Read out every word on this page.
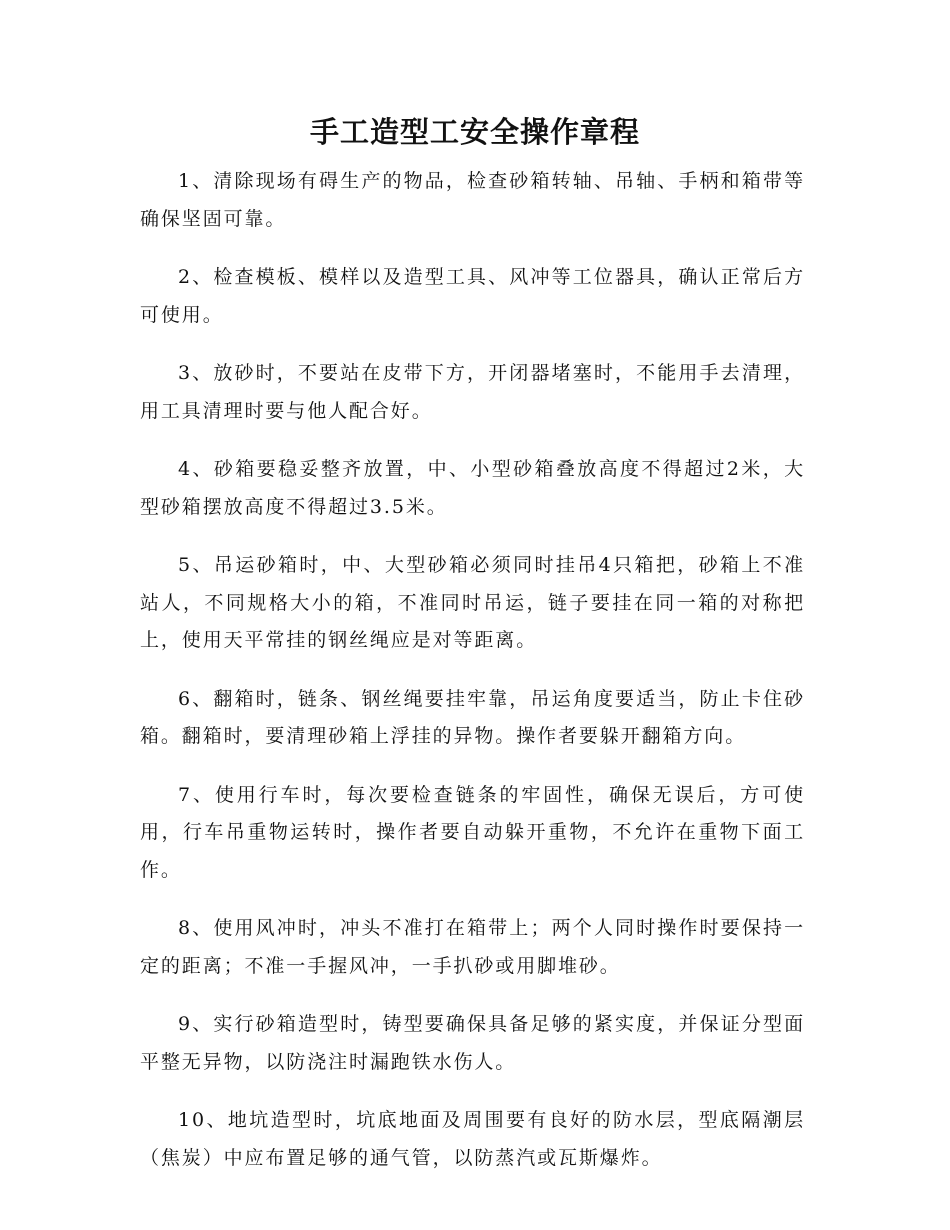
手工造型工安全操作章程

1、清除现场有碍生产的物品，检查砂箱转轴、吊轴、手柄和箱带等确保坚固可靠。

2、检查模板、模样以及造型工具、风冲等工位器具，确认正常后方可使用。

3、放砂时，不要站在皮带下方，开闭器堵塞时，不能用手去清理，用工具清理时要与他人配合好。

4、砂箱要稳妥整齐放置，中、小型砂箱叠放高度不得超过2米，大型砂箱摆放高度不得超过3.5米。

5、吊运砂箱时，中、大型砂箱必须同时挂吊4只箱把，砂箱上不准站人，不同规格大小的箱，不准同时吊运，链子要挂在同一箱的对称把上，使用天平常挂的钢丝绳应是对等距离。

6、翻箱时，链条、钢丝绳要挂牢靠，吊运角度要适当，防止卡住砂箱。翻箱时，要清理砂箱上浮挂的异物。操作者要躲开翻箱方向。

7、使用行车时，每次要检查链条的牢固性，确保无误后，方可使用，行车吊重物运转时，操作者要自动躲开重物，不允许在重物下面工作。

8、使用风冲时，冲头不准打在箱带上；两个人同时操作时要保持一定的距离；不准一手握风冲，一手扒砂或用脚堆砂。

9、实行砂箱造型时，铸型要确保具备足够的紧实度，并保证分型面平整无异物，以防浇注时漏跑铁水伤人。

10、地坑造型时，坑底地面及周围要有良好的防水层，型底隔潮层（焦炭）中应布置足够的通气管，以防蒸汽或瓦斯爆炸。
